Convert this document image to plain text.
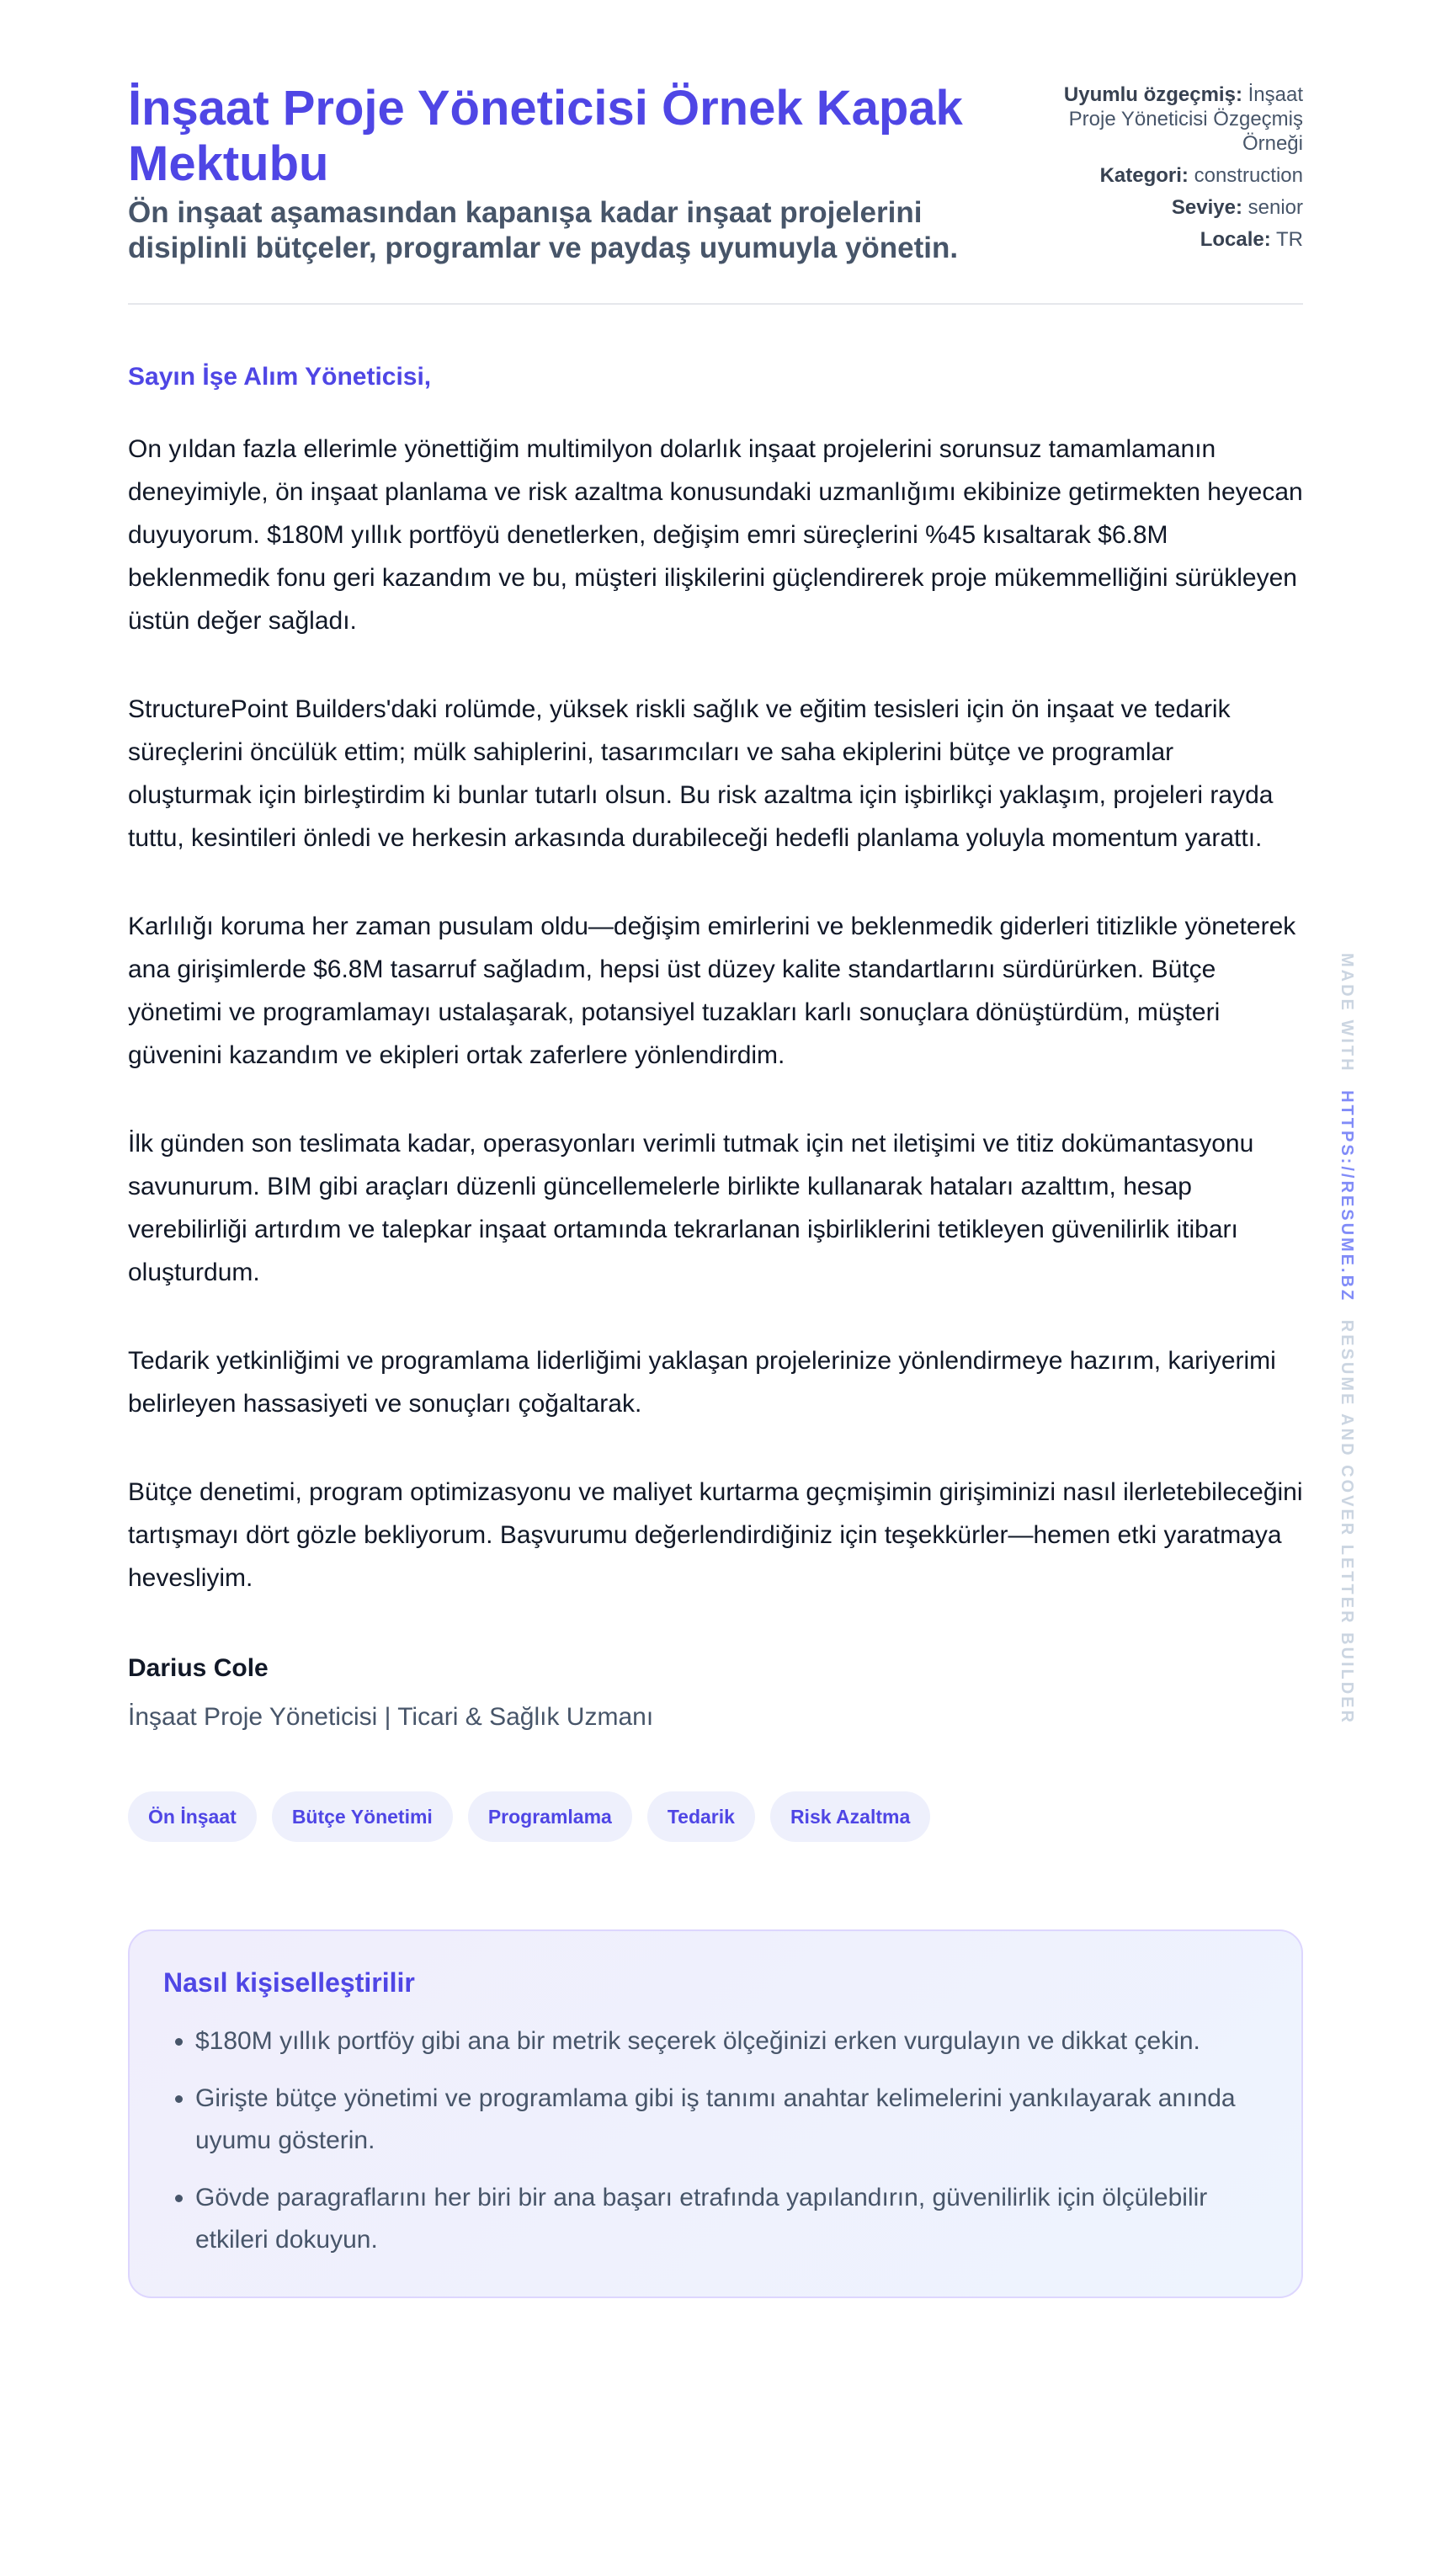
İnşaat Proje Yöneticisi Örnek Kapak Mektubu

Ön inşaat aşamasından kapanışa kadar inşaat projelerini disiplinli bütçeler, programlar ve paydaş uyumuyla yönetin.

Uyumlu özgeçmiş: İnşaat Proje Yöneticisi Özgeçmiş Örneği
Kategori: construction
Seviye: senior
Locale: TR
Sayın İşe Alım Yöneticisi,

On yıldan fazla ellerimle yönettiğim multimilyon dolarlık inşaat projelerini sorunsuz tamamlamanın deneyimiyle, ön inşaat planlama ve risk azaltma konusundaki uzmanlığımı ekibinize getirmekten heyecan duyuyorum. $180M yıllık portföyü denetlerken, değişim emri süreçlerini %45 kısaltarak $6.8M beklenmedik fonu geri kazandım ve bu, müşteri ilişkilerini güçlendirerek proje mükemmelliğini sürükleyen üstün değer sağladı.

StructurePoint Builders'daki rolümde, yüksek riskli sağlık ve eğitim tesisleri için ön inşaat ve tedarik süreçlerini öncülük ettim; mülk sahiplerini, tasarımcıları ve saha ekiplerini bütçe ve programlar oluşturmak için birleştirdim ki bunlar tutarlı olsun. Bu risk azaltma için işbirlikçi yaklaşım, projeleri rayda tuttu, kesintileri önledi ve herkesin arkasında durabileceği hedefli planlama yoluyla momentum yarattı.

Karlılığı koruma her zaman pusulam oldu—değişim emirlerini ve beklenmedik giderleri titizlikle yöneterek ana girişimlerde $6.8M tasarruf sağladım, hepsi üst düzey kalite standartlarını sürdürürken. Bütçe yönetimi ve programlamayı ustalaşarak, potansiyel tuzakları karlı sonuçlara dönüştürdüm, müşteri güvenini kazandım ve ekipleri ortak zaferlere yönlendirdim.

İlk günden son teslimata kadar, operasyonları verimli tutmak için net iletişimi ve titiz dokümantasyonu savunurum. BIM gibi araçları düzenli güncellemelerle birlikte kullanarak hataları azalttım, hesap verebilirliği artırdım ve talepkar inşaat ortamında tekrarlanan işbirliklerini tetikleyen güvenilirlik itibarı oluşturdum.

Tedarik yetkinliğimi ve programlama liderliğimi yaklaşan projelerinize yönlendirmeye hazırım, kariyerimi belirleyen hassasiyeti ve sonuçları çoğaltarak.

Bütçe denetimi, program optimizasyonu ve maliyet kurtarma geçmişimin girişiminizi nasıl ilerletebileceğini tartışmayı dört gözle bekliyorum. Başvurumu değerlendirdiğiniz için teşekkürler—hemen etki yaratmaya hevesliyim.

Darius Cole
İnşaat Proje Yöneticisi | Ticari & Sağlık Uzmanı
Ön İnşaat	Bütçe Yönetimi	Programlama	Tedarik	Risk Azaltma
Nasıl kişiselleştirilir
• $180M yıllık portföy gibi ana bir metrik seçerek ölçeğinizi erken vurgulayın ve dikkat çekin.
• Girişte bütçe yönetimi ve programlama gibi iş tanımı anahtar kelimelerini yankılayarak anında uyumu gösterin.
• Gövde paragraflarını her biri bir ana başarı etrafında yapılandırın, güvenilirlik için ölçülebilir etkileri dokuyun.
MADE WITH HTTPS://RESUME.BZ RESUME AND COVER LETTER BUILDER
